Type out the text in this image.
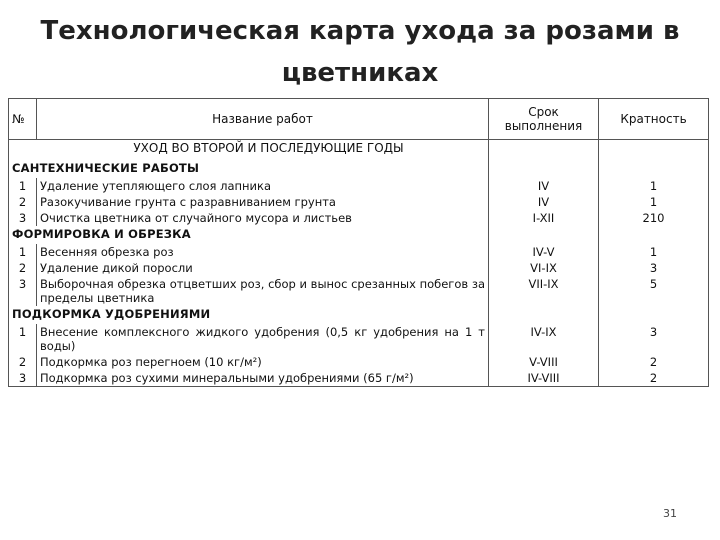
Технологическая карта ухода за розами в цветниках
№	Название работ	Срок выполнения	Кратность

УХОД ВО ВТОРОЙ И ПОСЛЕДУЮЩИЕ ГОДЫ			

САНТЕХНИЧЕСКИЕ РАБОТЫ			
1	Удаление утепляющего слоя лапника	IV	1
2	Разокучивание грунта с разравниванием грунта	IV	1
3	Очистка цветника от случайного мусора и листьев	I-XII	210
ФОРМИРОВКА И ОБРЕЗКА			
1	Весенняя обрезка роз	IV-V	1
2	Удаление дикой поросли	VI-IX	3
3	Выборочная обрезка отцветших роз, сбор и вынос срезанных побегов за пределы цветника	VII-IX	5
ПОДКОРМКА УДОБРЕНИЯМИ			
1	Внесение комплексного жидкого удобрения (0,5 кг удобрения на 1 т воды)	IV-IX	3
2	Подкормка роз перегноем (10 кг/м²)	V-VIII	2
3	Подкормка роз сухими минеральными удобрениями (65 г/м²)	IV-VIII	2
31
